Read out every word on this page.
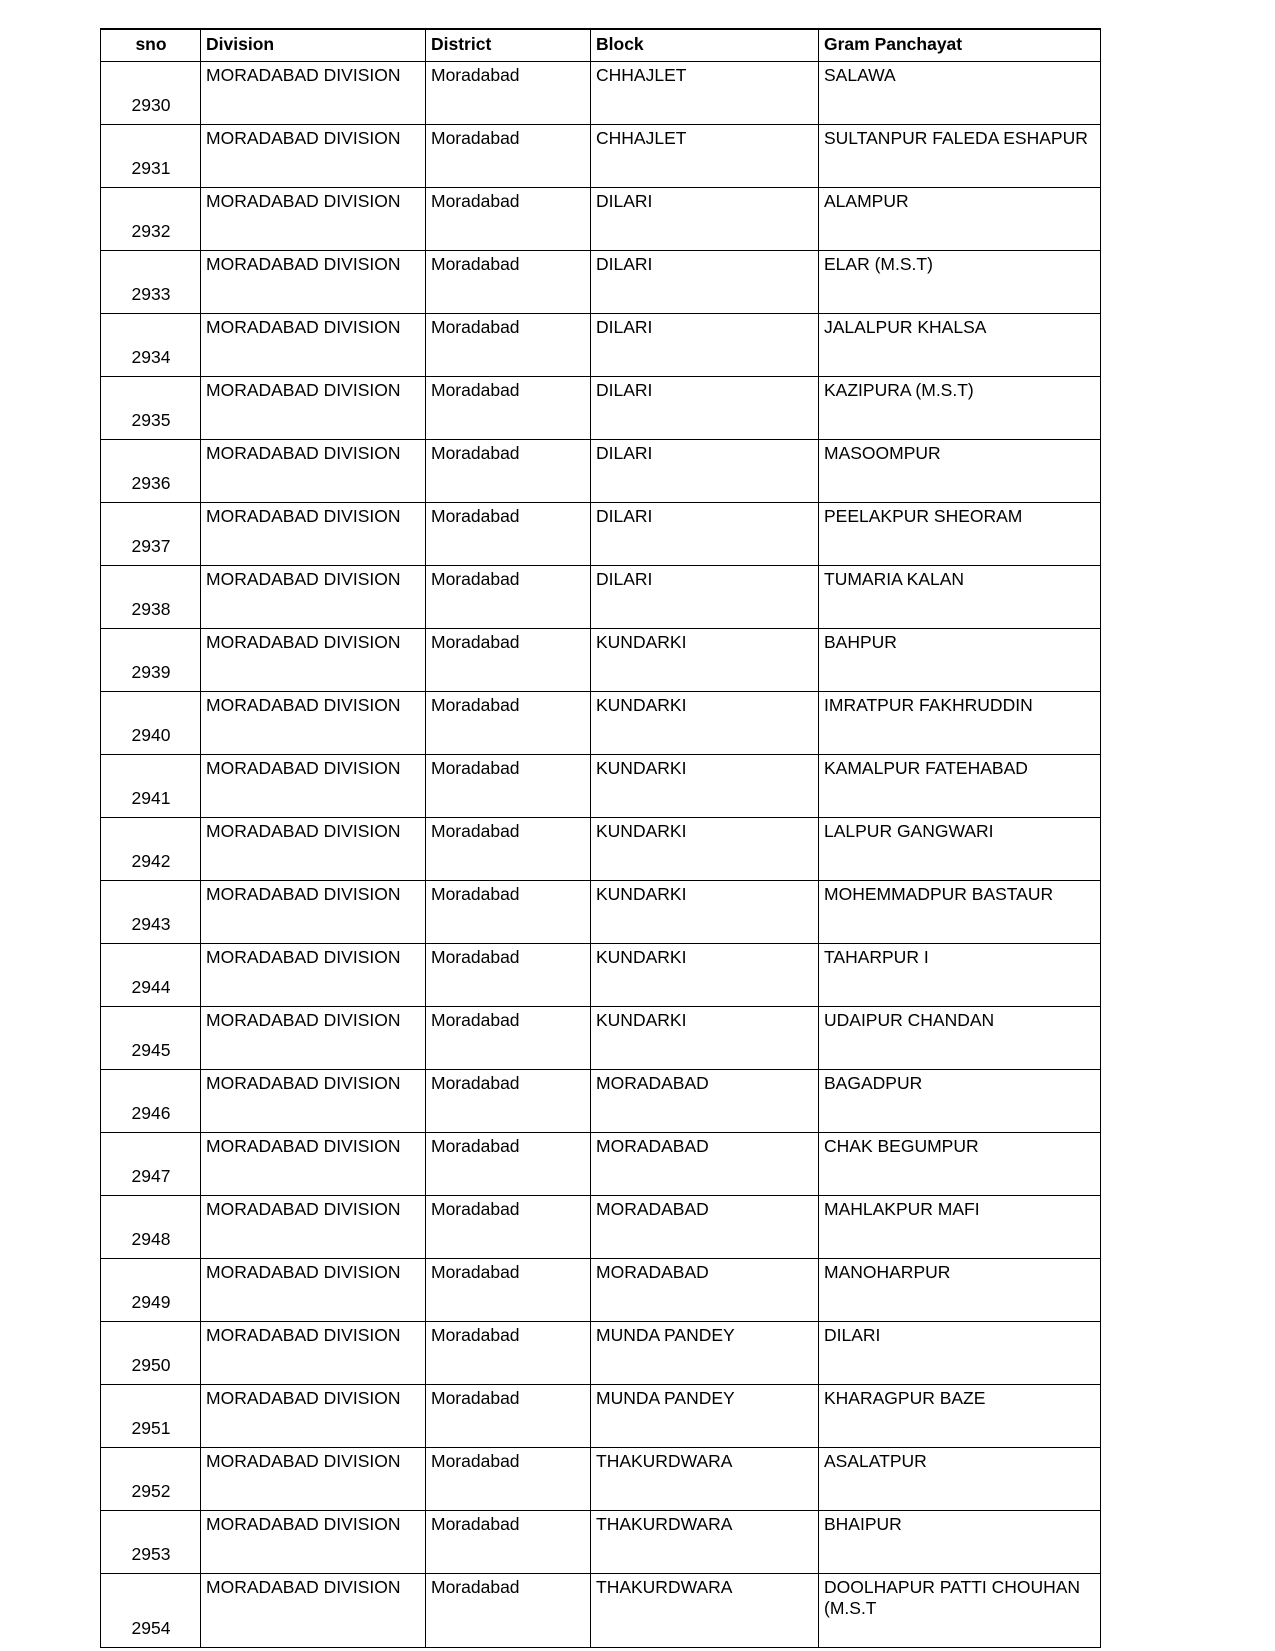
sno	Division	District	Block	Gram Panchayat
2930	MORADABAD DIVISION	Moradabad	CHHAJLET	SALAWA
2931	MORADABAD DIVISION	Moradabad	CHHAJLET	SULTANPUR FALEDA ESHAPUR
2932	MORADABAD DIVISION	Moradabad	DILARI	ALAMPUR
2933	MORADABAD DIVISION	Moradabad	DILARI	ELAR (M.S.T)
2934	MORADABAD DIVISION	Moradabad	DILARI	JALALPUR KHALSA
2935	MORADABAD DIVISION	Moradabad	DILARI	KAZIPURA (M.S.T)
2936	MORADABAD DIVISION	Moradabad	DILARI	MASOOMPUR
2937	MORADABAD DIVISION	Moradabad	DILARI	PEELAKPUR SHEORAM
2938	MORADABAD DIVISION	Moradabad	DILARI	TUMARIA KALAN
2939	MORADABAD DIVISION	Moradabad	KUNDARKI	BAHPUR
2940	MORADABAD DIVISION	Moradabad	KUNDARKI	IMRATPUR FAKHRUDDIN
2941	MORADABAD DIVISION	Moradabad	KUNDARKI	KAMALPUR FATEHABAD
2942	MORADABAD DIVISION	Moradabad	KUNDARKI	LALPUR GANGWARI
2943	MORADABAD DIVISION	Moradabad	KUNDARKI	MOHEMMADPUR BASTAUR
2944	MORADABAD DIVISION	Moradabad	KUNDARKI	TAHARPUR I
2945	MORADABAD DIVISION	Moradabad	KUNDARKI	UDAIPUR CHANDAN
2946	MORADABAD DIVISION	Moradabad	MORADABAD	BAGADPUR
2947	MORADABAD DIVISION	Moradabad	MORADABAD	CHAK BEGUMPUR
2948	MORADABAD DIVISION	Moradabad	MORADABAD	MAHLAKPUR MAFI
2949	MORADABAD DIVISION	Moradabad	MORADABAD	MANOHARPUR
2950	MORADABAD DIVISION	Moradabad	MUNDA PANDEY	DILARI
2951	MORADABAD DIVISION	Moradabad	MUNDA PANDEY	KHARAGPUR BAZE
2952	MORADABAD DIVISION	Moradabad	THAKURDWARA	ASALATPUR
2953	MORADABAD DIVISION	Moradabad	THAKURDWARA	BHAIPUR
2954	MORADABAD DIVISION	Moradabad	THAKURDWARA	DOOLHAPUR PATTI CHOUHAN (M.S.T
